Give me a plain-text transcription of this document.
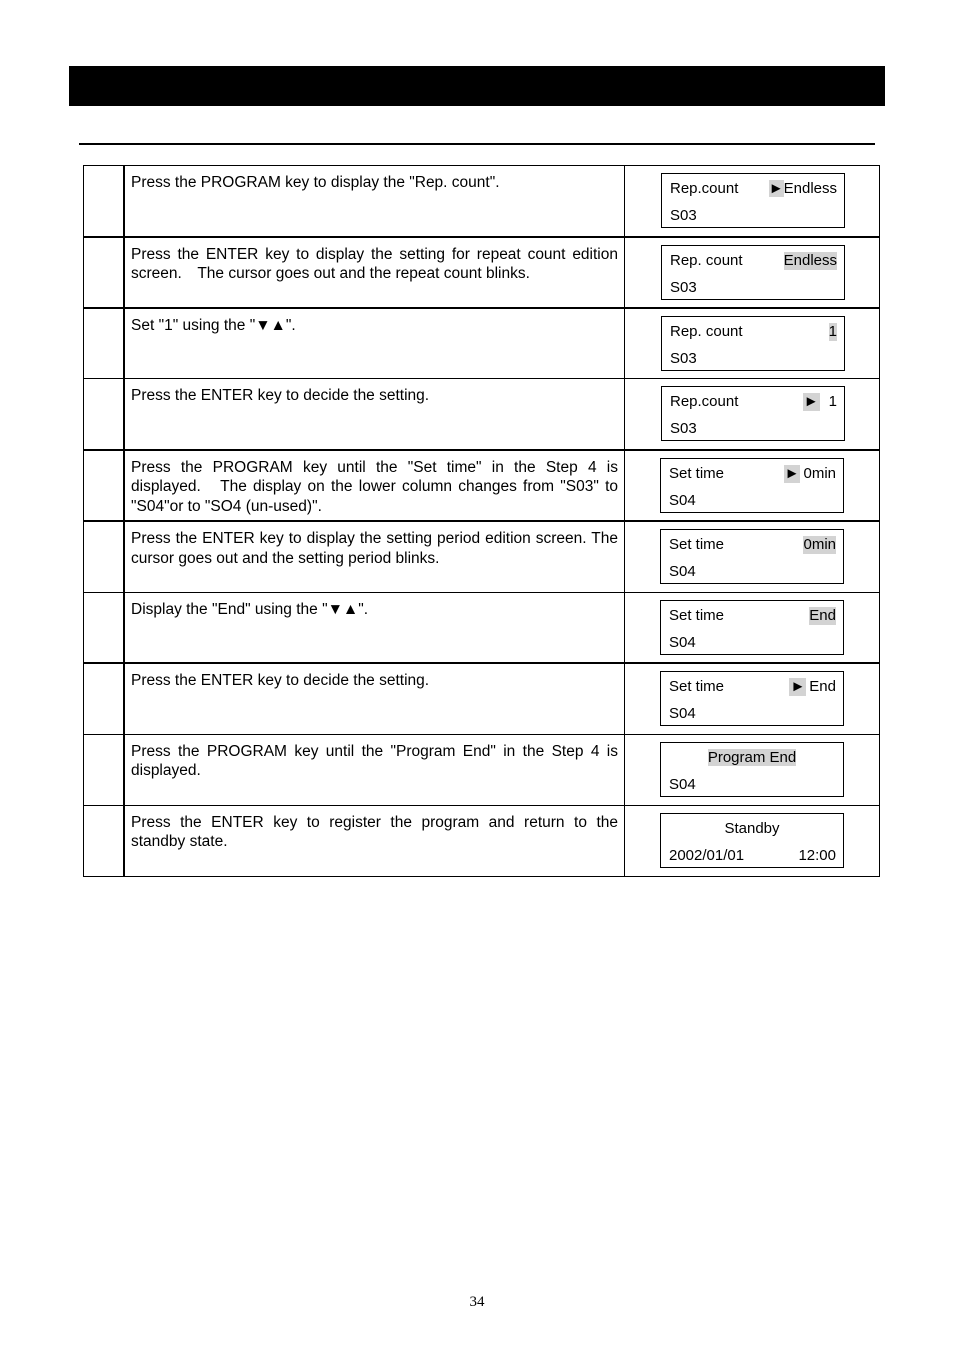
	Press the PROGRAM key to display the "Rep. count".	Rep.count ►Endless
S03

	Press the ENTER key to display the setting for repeat count edition screen.　The cursor goes out and the repeat count blinks.	Rep. count Endless
S03

	Set "1" using the "▼▲".	Rep. count 1
S03

	Press the ENTER key to decide the setting.	Rep.count ► 1
S03

	Press the PROGRAM key until the "Set time" in the Step 4 is displayed.　The display on the lower column changes from "S03" to "S04"or to "SO4 (un-used)".	Set time ► 0min
S04

	Press the ENTER key to display the setting period edition screen. The cursor goes out and the setting period blinks.	Set time 0min
S04

	Display the "End" using the "▼▲".	Set time End
S04

	Press the ENTER key to decide the setting.	Set time ► End
S04

	Press the PROGRAM key until the "Program End" in the Step 4 is displayed.	Program End
S04

	Press the ENTER key to register the program and return to the standby state.	Standby
2002/01/01 12:00
34
